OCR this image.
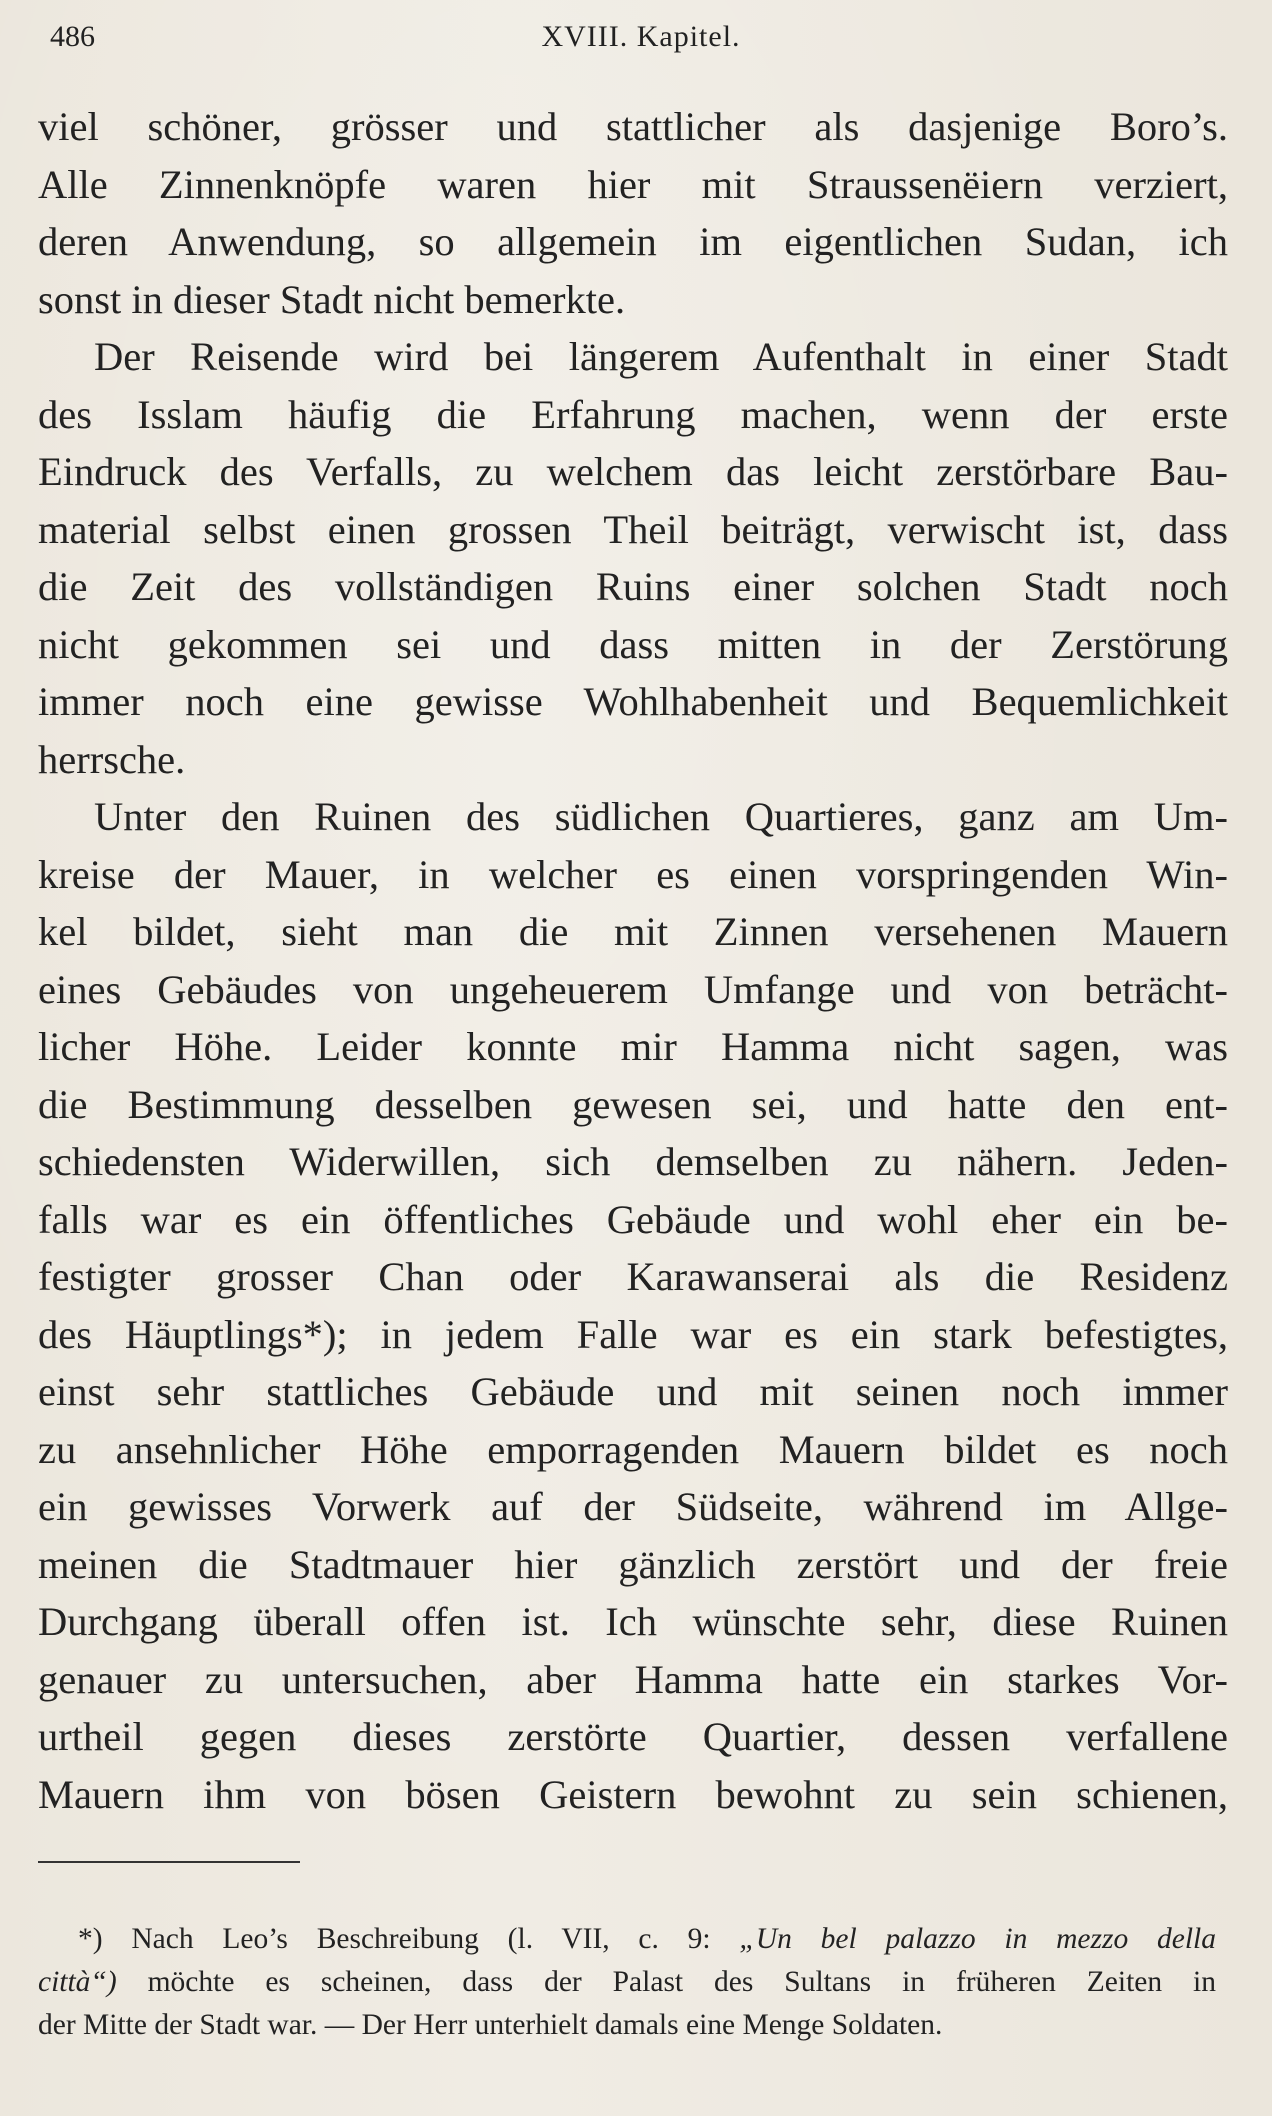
486	XVIII. Kapitel.
viel schöner, grösser und stattlicher als dasjenige Boro’s.
Alle Zinnenknöpfe waren hier mit Straussenëiern verziert,
deren Anwendung, so allgemein im eigentlichen Sudan, ich
sonst in dieser Stadt nicht bemerkte.
Der Reisende wird bei längerem Aufenthalt in einer Stadt
des Isslam häufig die Erfahrung machen, wenn der erste
Eindruck des Verfalls, zu welchem das leicht zerstörbare Bau-
material selbst einen grossen Theil beiträgt, verwischt ist, dass
die Zeit des vollständigen Ruins einer solchen Stadt noch
nicht gekommen sei und dass mitten in der Zerstörung
immer noch eine gewisse Wohlhabenheit und Bequemlichkeit
herrsche.
Unter den Ruinen des südlichen Quartieres, ganz am Um-
kreise der Mauer, in welcher es einen vorspringenden Win-
kel bildet, sieht man die mit Zinnen versehenen Mauern
eines Gebäudes von ungeheuerem Umfange und von beträcht-
licher Höhe. Leider konnte mir Hamma nicht sagen, was
die Bestimmung desselben gewesen sei, und hatte den ent-
schiedensten Widerwillen, sich demselben zu nähern. Jeden-
falls war es ein öffentliches Gebäude und wohl eher ein be-
festigter grosser Chan oder Karawanserai als die Residenz
des Häuptlings*); in jedem Falle war es ein stark befestigtes,
einst sehr stattliches Gebäude und mit seinen noch immer
zu ansehnlicher Höhe emporragenden Mauern bildet es noch
ein gewisses Vorwerk auf der Südseite, während im Allge-
meinen die Stadtmauer hier gänzlich zerstört und der freie
Durchgang überall offen ist. Ich wünschte sehr, diese Ruinen
genauer zu untersuchen, aber Hamma hatte ein starkes Vor-
urtheil gegen dieses zerstörte Quartier, dessen verfallene
Mauern ihm von bösen Geistern bewohnt zu sein schienen,
*) Nach Leo’s Beschreibung (l. VII, c. 9: „Un bel palazzo in mezzo della
città“) möchte es scheinen, dass der Palast des Sultans in früheren Zeiten in
der Mitte der Stadt war. — Der Herr unterhielt damals eine Menge Soldaten.
